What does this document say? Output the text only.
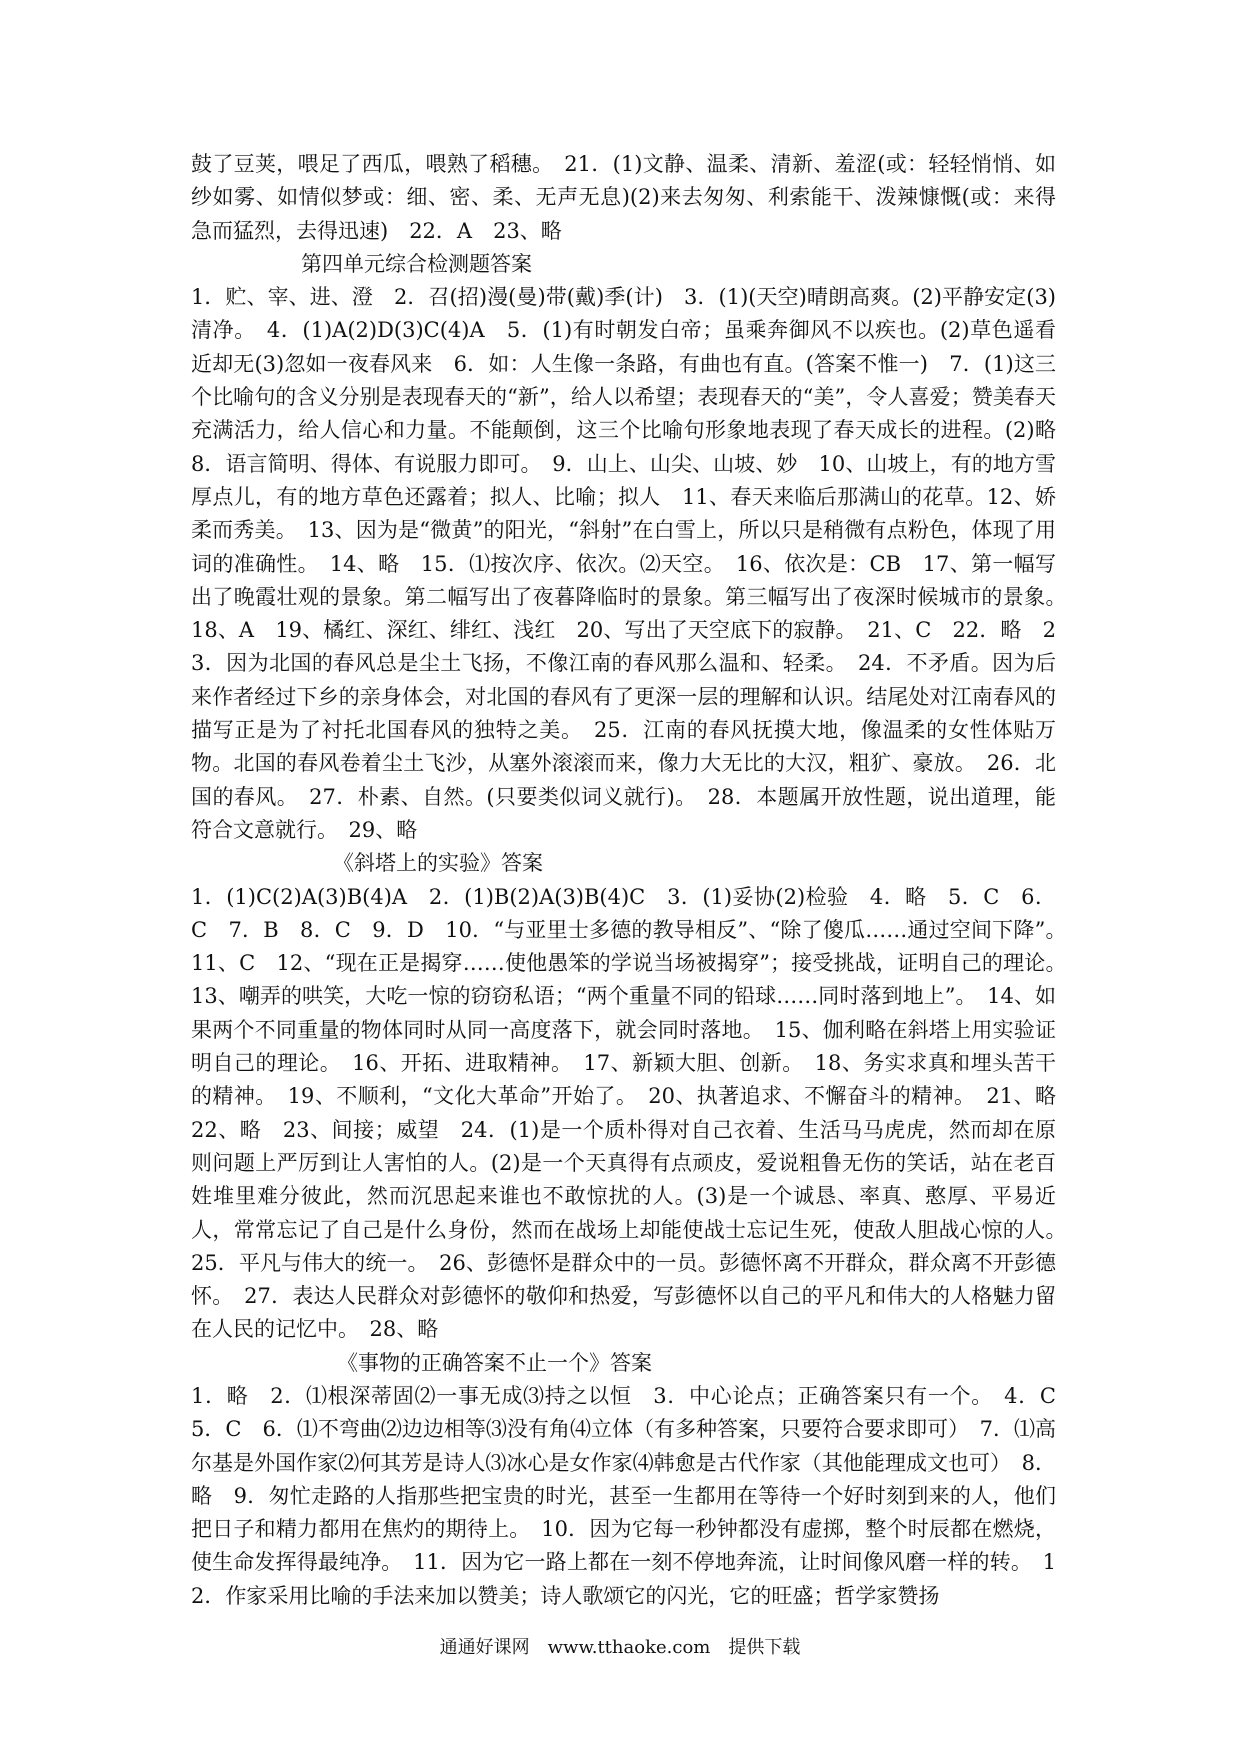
鼓了豆荚，喂足了西瓜，喂熟了稻穗。　21．(1)文静、温柔、清新、羞涩(或：轻轻悄悄、如纱如雾、如情似梦或：细、密、柔、无声无息)(2)来去匆匆、利索能干、泼辣慷慨(或：来得急而猛烈，去得迅速)　22．A　23、略

第四单元综合检测题答案

1．贮、宰、进、澄　2．召(招)漫(曼)带(戴)季(计)　3．(1)(天空)晴朗高爽。(2)平静安定(3)清净。　4．(1)A(2)D(3)C(4)A　5．(1)有时朝发白帝；虽乘奔御风不以疾也。(2)草色遥看近却无(3)忽如一夜春风来　6．如：人生像一条路，有曲也有直。(答案不惟一)　7．(1)这三个比喻句的含义分别是表现春天的“新”，给人以希望；表现春天的“美”，令人喜爱；赞美春天充满活力，给人信心和力量。不能颠倒，这三个比喻句形象地表现了春天成长的进程。(2)略　8．语言简明、得体、有说服力即可。　9．山上、山尖、山坡、妙　10、山坡上，有的地方雪厚点儿，有的地方草色还露着；拟人、比喻；拟人　11、春天来临后那满山的花草。12、娇柔而秀美。　13、因为是“微黄”的阳光，“斜射”在白雪上，所以只是稍微有点粉色，体现了用词的准确性。　14、略　15．⑴按次序、依次。⑵天空。　16、依次是：CB　17、第一幅写出了晚霞壮观的景象。第二幅写出了夜暮降临时的景象。第三幅写出了夜深时候城市的景象。　18、A　19、橘红、深红、绯红、浅红　20、写出了天空底下的寂静。　21、C　22．略　23．因为北国的春风总是尘土飞扬，不像江南的春风那么温和、轻柔。　24．不矛盾。因为后来作者经过下乡的亲身体会，对北国的春风有了更深一层的理解和认识。结尾处对江南春风的描写正是为了衬托北国春风的独特之美。　25．江南的春风抚摸大地，像温柔的女性体贴万物。北国的春风卷着尘土飞沙，从塞外滚滚而来，像力大无比的大汉，粗犷、豪放。　26．北国的春风。　27．朴素、自然。(只要类似词义就行)。　28．本题属开放性题，说出道理，能符合文意就行。　29、略

《斜塔上的实验》答案

1．(1)C(2)A(3)B(4)A　2．(1)B(2)A(3)B(4)C　3．(1)妥协(2)检验　4．略　5．C　6．C　7．B　8．C　9．D　10．“与亚里士多德的教导相反”、“除了傻瓜……通过空间下降”。　11、C　12、“现在正是揭穿……使他愚笨的学说当场被揭穿”；接受挑战，证明自己的理论。　13、嘲弄的哄笑，大吃一惊的窃窃私语；“两个重量不同的铅球……同时落到地上”。　14、如果两个不同重量的物体同时从同一高度落下，就会同时落地。　15、伽利略在斜塔上用实验证明自己的理论。　16、开拓、进取精神。　17、新颖大胆、创新。　18、务实求真和埋头苦干的精神。　19、不顺利，“文化大革命”开始了。　20、执著追求、不懈奋斗的精神。　21、略　22、略　23、间接；威望　24．(1)是一个质朴得对自己衣着、生活马马虎虎，然而却在原则问题上严厉到让人害怕的人。(2)是一个天真得有点顽皮，爱说粗鲁无伤的笑话，站在老百姓堆里难分彼此，然而沉思起来谁也不敢惊扰的人。(3)是一个诚恳、率真、憨厚、平易近人，常常忘记了自己是什么身份，然而在战场上却能使战士忘记生死，使敌人胆战心惊的人。　25．平凡与伟大的统一。　26、彭德怀是群众中的一员。彭德怀离不开群众，群众离不开彭德怀。　27．表达人民群众对彭德怀的敬仰和热爱，写彭德怀以自己的平凡和伟大的人格魅力留在人民的记忆中。　28、略

《事物的正确答案不止一个》答案

1．略　2．⑴根深蒂固⑵一事无成⑶持之以恒　3．中心论点；正确答案只有一个。　4．C　5．C　6．⑴不弯曲⑵边边相等⑶没有角⑷立体（有多种答案，只要符合要求即可）　7．⑴高尔基是外国作家⑵何其芳是诗人⑶冰心是女作家⑷韩愈是古代作家（其他能理成文也可）　8．略　9．匆忙走路的人指那些把宝贵的时光，甚至一生都用在等待一个好时刻到来的人，他们把日子和精力都用在焦灼的期待上。　10．因为它每一秒钟都没有虚掷，整个时辰都在燃烧，使生命发挥得最纯净。　11．因为它一路上都在一刻不停地奔流，让时间像风磨一样的转。　12．作家采用比喻的手法来加以赞美；诗人歌颂它的闪光，它的旺盛；哲学家赞扬

通通好课网　www.tthaoke.com　提供下载
